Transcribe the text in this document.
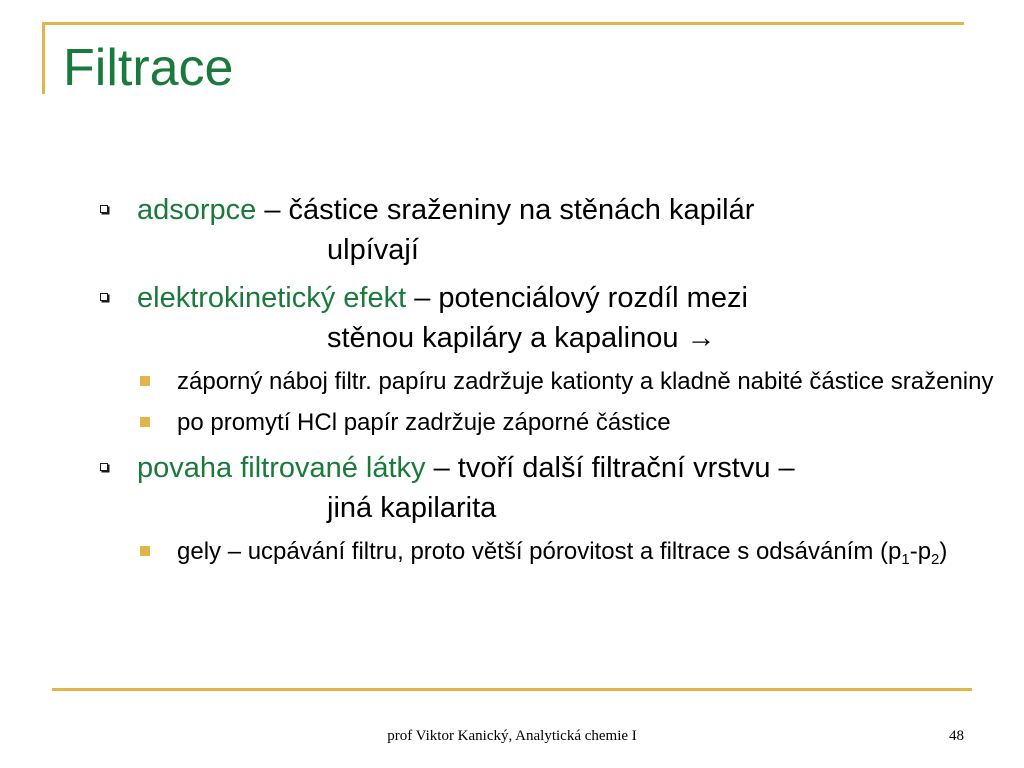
Filtrace
adsorpce – částice sraženiny na stěnách kapilár
ulpívají
elektrokinetický efekt – potenciálový rozdíl mezi
stěnou kapiláry a kapalinou →
záporný náboj filtr. papíru zadržuje kationty a kladně nabité částice sraženiny
po promytí HCl papír zadržuje záporné částice
povaha filtrované látky – tvoří další filtrační vrstvu –
jiná kapilarita
gely – ucpávání filtru, proto větší pórovitost a filtrace s odsáváním $(p_1-p_2)$
prof Viktor Kanický, Analytická chemie I	48
